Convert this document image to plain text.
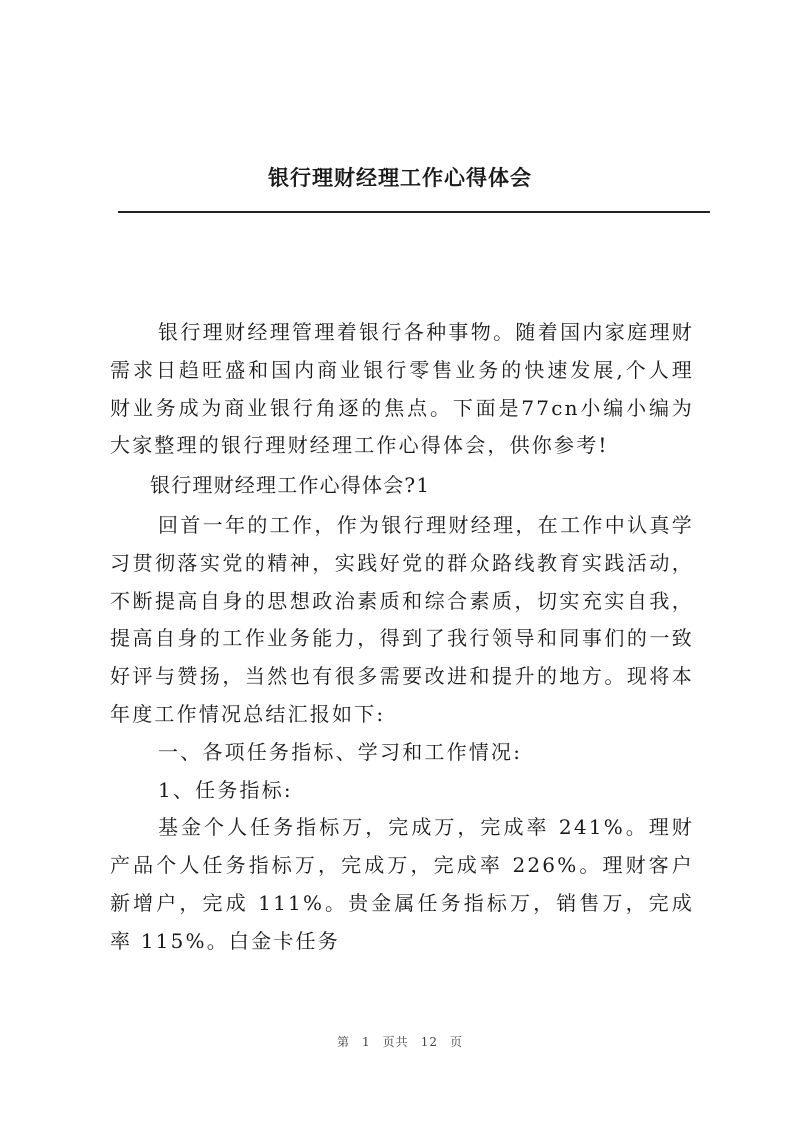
银行理财经理工作心得体会

银行理财经理管理着银行各种事物。随着国内家庭理财需求日趋旺盛和国内商业银行零售业务的快速发展,个人理财业务成为商业银行角逐的焦点。下面是77cn小编小编为大家整理的银行理财经理工作心得体会，供你参考!

银行理财经理工作心得体会?1

回首一年的工作，作为银行理财经理，在工作中认真学习贯彻落实党的精神，实践好党的群众路线教育实践活动，不断提高自身的思想政治素质和综合素质，切实充实自我，提高自身的工作业务能力，得到了我行领导和同事们的一致好评与赞扬，当然也有很多需要改进和提升的地方。现将本年度工作情况总结汇报如下:

一、各项任务指标、学习和工作情况:

1、任务指标:

基金个人任务指标万，完成万，完成率 241%。理财产品个人任务指标万，完成万，完成率 226%。理财客户新增户，完成 111%。贵金属任务指标万，销售万，完成率 115%。白金卡任务

第 1 页共 12 页
